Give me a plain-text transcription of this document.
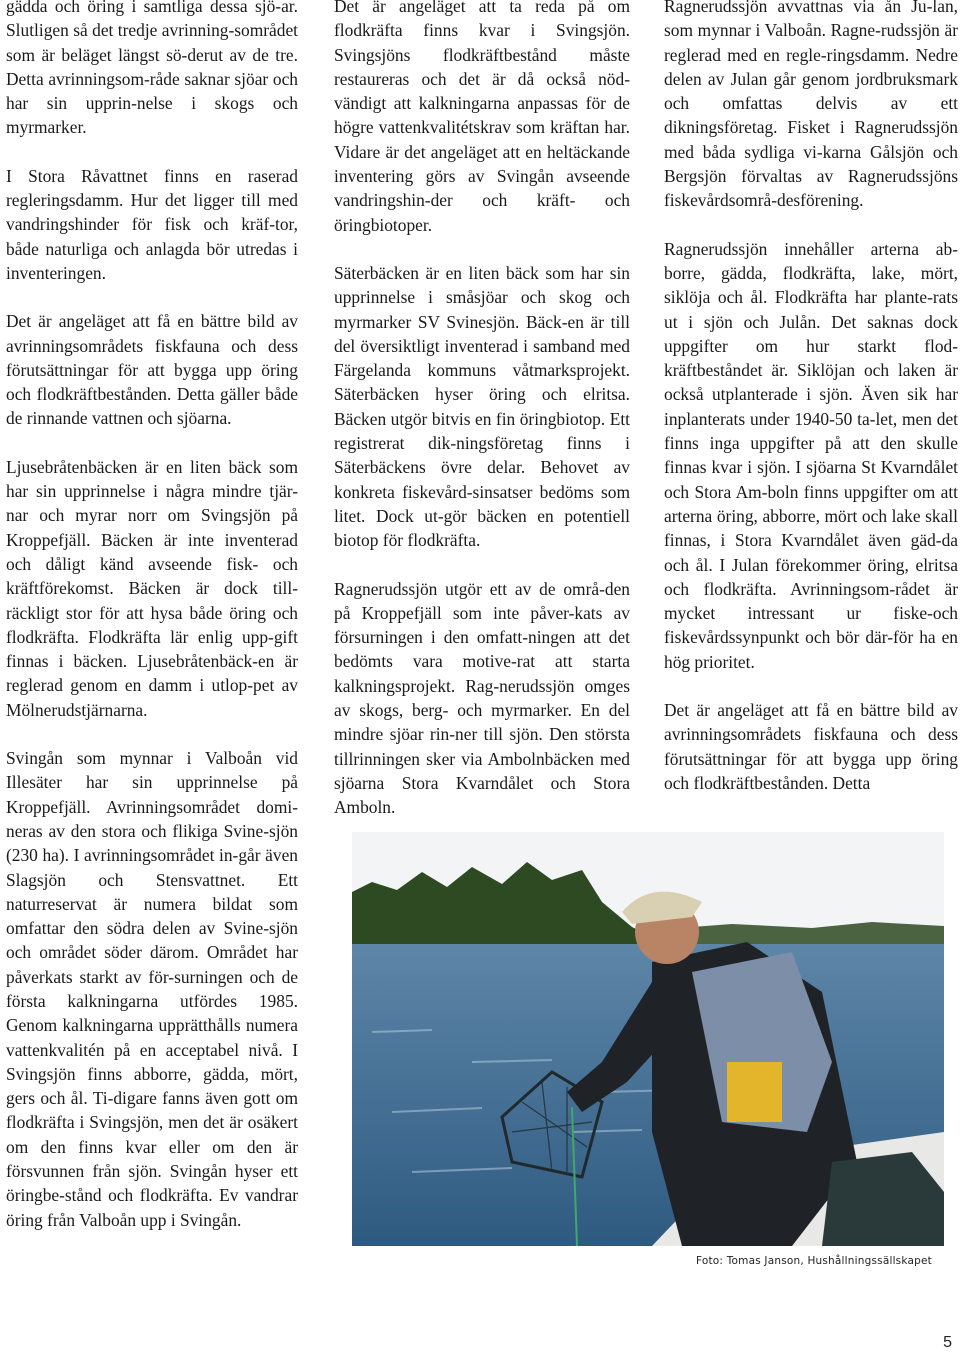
gädda och öring i samtliga dessa sjö-ar. Slutligen så det tredje avrinning-sområdet som är beläget längst sö-derut av de tre. Detta avrinningsom-råde saknar sjöar och har sin upprin-nelse i skogs och myrmarker.

I Stora Råvattnet finns en raserad regleringsdamm. Hur det ligger till med vandringshinder för fisk och kräf-tor, både naturliga och anlagda bör utredas i inventeringen.

Det är angeläget att få en bättre bild av avrinningsområdets fiskfauna och dess förutsättningar för att bygga upp öring och flodkräftbestånden. Detta gäller både de rinnande vattnen och sjöarna.

Ljusebråtenbäcken är en liten bäck som har sin upprinnelse i några mindre tjär-nar och myrar norr om Svingsjön på Kroppefjäll. Bäcken är inte inventerad och dåligt känd avseende fisk- och kräftförekomst. Bäcken är dock till-räckligt stor för att hysa både öring och flodkräfta. Flodkräfta lär enlig upp-gift finnas i bäcken. Ljusebråtenbäck-en är reglerad genom en damm i utlop-pet av Mölnerudstjärnarna.

Svingån som mynnar i Valboån vid Illesäter har sin upprinnelse på Kroppefjäll. Avrinningsområdet domi-neras av den stora och flikiga Svine-sjön (230 ha). I avrinningsområdet in-går även Slagsjön och Stensvattnet. Ett naturreservat är numera bildat som omfattar den södra delen av Svine-sjön och området söder därom. Området har påverkats starkt av för-surningen och de första kalkningarna utfördes 1985. Genom kalkningarna upprätthålls numera vattenkvalitén på en acceptabel nivå. I Svingsjön finns abborre, gädda, mört, gers och ål. Ti-digare fanns även gott om flodkräfta i Svingsjön, men det är osäkert om den finns kvar eller om den är försvunnen från sjön. Svingån hyser ett öringbe-stånd och flodkräfta. Ev vandrar öring från Valboån upp i Svingån.

Det är angeläget att ta reda på om flodkräfta finns kvar i Svingsjön. Svingsjöns flodkräftbestånd måste restaureras och det är då också nöd-vändigt att kalkningarna anpassas för de högre vattenkvalitétskrav som kräftan har. Vidare är det angeläget att en heltäckande inventering görs av Svingån avseende vandringshin-der och kräft- och öringbiotoper.

Säterbäcken är en liten bäck som har sin upprinnelse i småsjöar och skog och myrmarker SV Svinesjön. Bäck-en är till del översiktligt inventerad i samband med Färgelanda kommuns våtmarksprojekt. Säterbäcken hyser öring och elritsa. Bäcken utgör bitvis en fin öringbiotop. Ett registrerat dik-ningsföretag finns i Säterbäckens övre delar. Behovet av konkreta fiskevård-sinsatser bedöms som litet. Dock ut-gör bäcken en potentiell biotop för flodkräfta.

Ragnerudssjön utgör ett av de områ-den på Kroppefjäll som inte påver-kats av försurningen i den omfatt-ningen att det bedömts vara motive-rat att starta kalkningsprojekt. Rag-nerudssjön omges av skogs, berg- och myrmarker. En del mindre sjöar rin-ner till sjön. Den största tillrinningen sker via Ambolnbäcken med sjöarna Stora Kvarndålet och Stora Amboln.

Ragnerudssjön avvattnas via ån Ju-lan, som mynnar i Valboån. Ragne-rudssjön är reglerad med en regle-ringsdamm. Nedre delen av Julan går genom jordbruksmark och omfattas delvis av ett dikningsföretag. Fisket i Ragnerudssjön med båda sydliga vi-karna Gålsjön och Bergsjön förvaltas av Ragnerudssjöns fiskevårdsområ-desförening.

Ragnerudssjön innehåller arterna ab-borre, gädda, flodkräfta, lake, mört, siklöja och ål. Flodkräfta har plante-rats ut i sjön och Julån. Det saknas dock uppgifter om hur starkt flod-kräftbeståndet är. Siklöjan och laken är också utplanterade i sjön. Även sik har inplanterats under 1940-50 ta-let, men det finns inga uppgifter på att den skulle finnas kvar i sjön. I sjöarna St Kvarndålet och Stora Am-boln finns uppgifter om att arterna öring, abborre, mört och lake skall finnas, i Stora Kvarndålet även gäd-da och ål. I Julan förekommer öring, elritsa och flodkräfta. Avrinningsom-rådet är mycket intressant ur fiske-och fiskevårdssynpunkt och bör där-för ha en hög prioritet.

Det är angeläget att få en bättre bild av avrinningsområdets fiskfauna och dess förutsättningar för att bygga upp öring och flodkräftbestånden. Detta

Foto: Tomas Janson, Hushållningssällskapet
5
